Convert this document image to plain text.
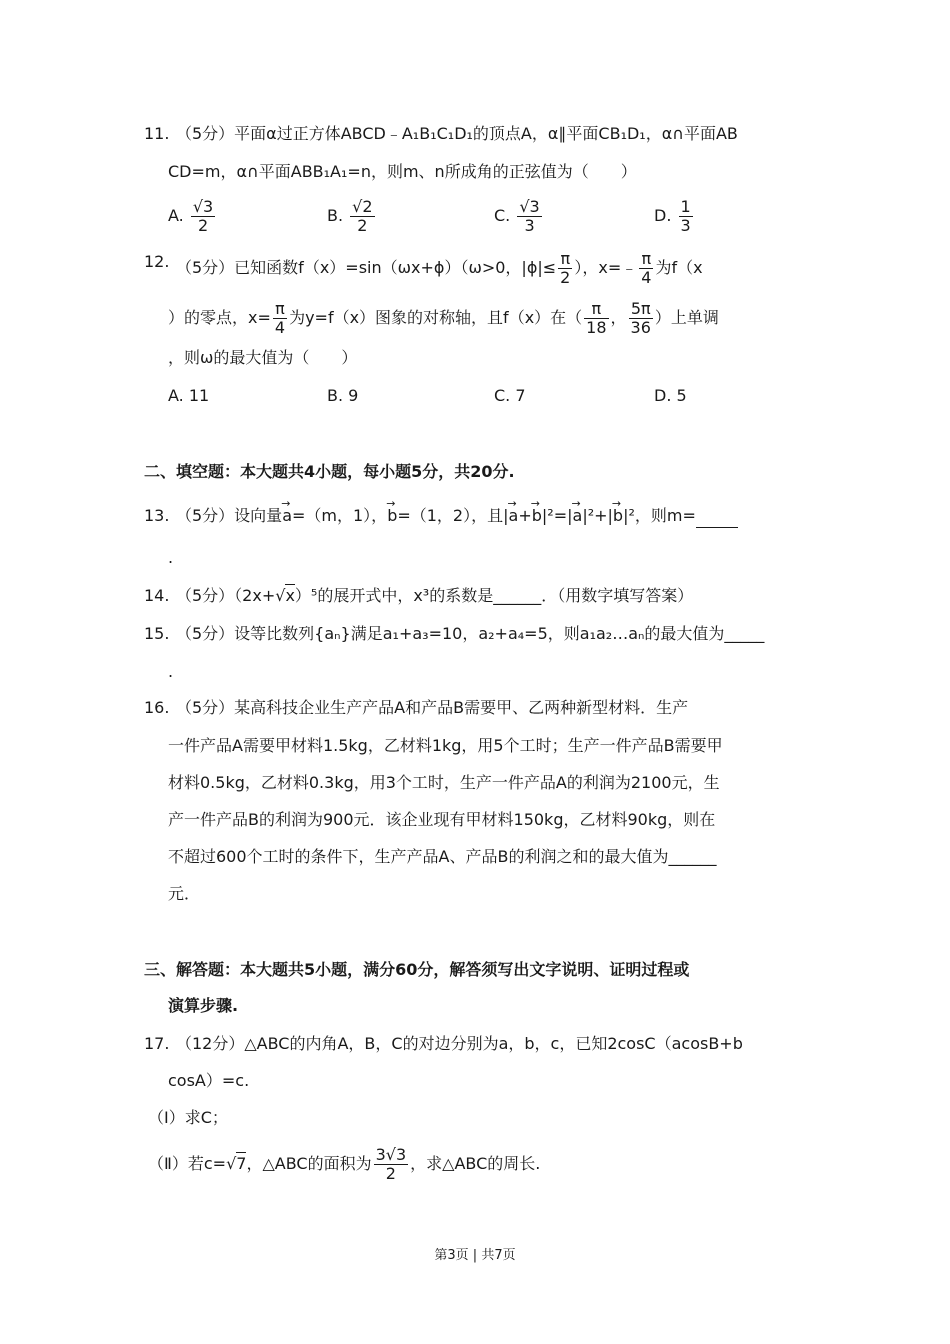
11. （5分）平面α过正方体ABCD﹣A₁B₁C₁D₁的顶点A，α∥平面CB₁D₁，α∩平面AB
CD=m，α∩平面ABB₁A₁=n，则m、n所成角的正弦值为（　　）
A. $\frac{√3}{2}$	B. $\frac{√2}{2}$	C. $\frac{√3}{3}$	D. $\frac{1}{3}$
12. （5分）已知函数f（x）=sin（ωx+ϕ）（ω>0，$|\phi|\le \frac{\pi}{2}$ ），x=﹣ $\frac{\pi}{4}$ 为f（x
）的零点，$x= \frac{\pi}{4}$ 为y=f（x）图象的对称轴，且f（x）在（ $\frac{\pi}{18}$ ， $\frac{5\pi}{36}$ ）上单调
，则ω的最大值为（　　）
A. 11	B. 9	C. 7	D. 5
二、填空题：本大题共4小题，每小题5分，共20分.
13. （5分）设向量→ a=（m，1），→ b=（1，2），且|→ a+→ b|²=|→ a|²+|→ b|²，则m=
.
14. （5分）（2x+√x）⁵的展开式中，x³的系数是______．（用数字填写答案）
15. （5分）设等比数列{aₙ}满足a₁+a₃=10，a₂+a₄=5，则a₁a₂…aₙ的最大值为_____
.
16. （5分）某高科技企业生产产品A和产品B需要甲、乙两种新型材料．生产
一件产品A需要甲材料1.5kg，乙材料1kg，用5个工时；生产一件产品B需要甲
材料0.5kg，乙材料0.3kg，用3个工时，生产一件产品A的利润为2100元，生
产一件产品B的利润为900元．该企业现有甲材料150kg，乙材料90kg，则在
不超过600个工时的条件下，生产产品A、产品B的利润之和的最大值为______
元．
三、解答题：本大题共5小题，满分60分，解答须写出文字说明、证明过程或
演算步骤.
17. （12分）△ABC的内角A，B，C的对边分别为a，b，c，已知2cosC（acosB+b
cosA）=c.
（Ⅰ）求C；
（Ⅱ）若c=√7，△ABC的面积为 $\frac{3√3}{2}$ ，求△ABC的周长.
第3页 | 共7页
